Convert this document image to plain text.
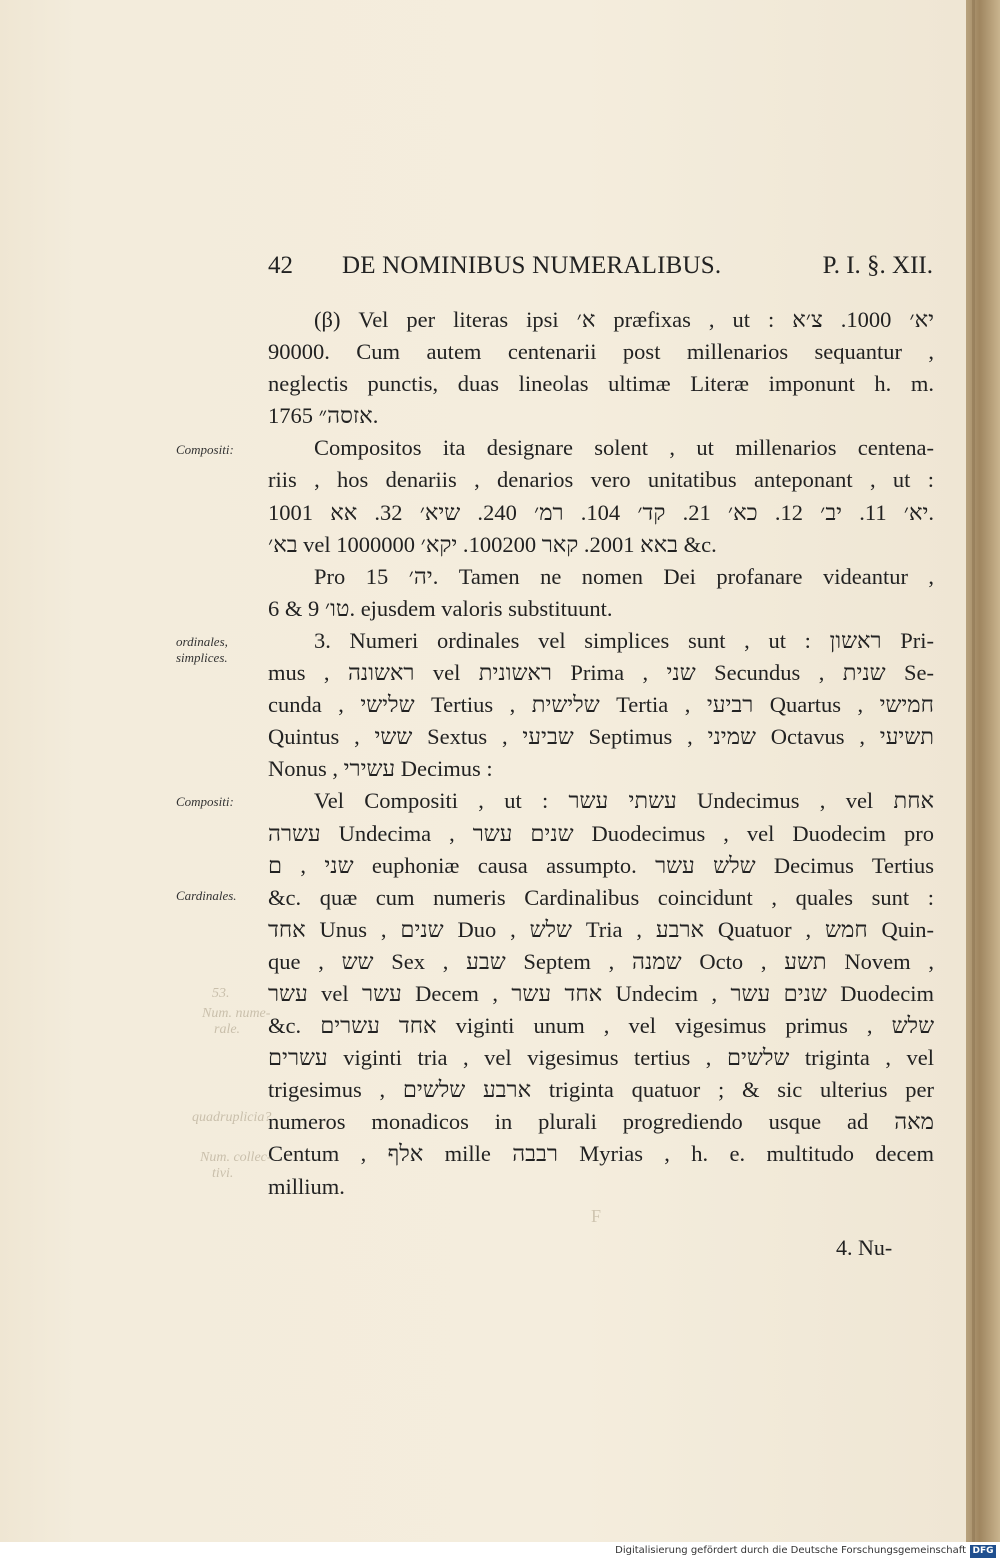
42 DE NOMINIBUS NUMERALIBUS.	P. I. §. XII.
Compositi:
ordinales,
simplices.
Compositi:
Cardinales.
53.
Num. nume-
rale.
quadruplicia?
Num. collec-
tivi.
(β) Vel per literas ipsi א׳ præfixas , ut : יא׳ 1000. צ׳א
90000. Cum autem centenarii post millenarios sequantur ,
neglectis punctis, duas lineolas ultimæ Literæ imponunt h. m.
אזסה״ 1765.
Compositos ita designare solent , ut millenarios centena-
riis , hos denariis , denarios vero unitatibus anteponant , ut :
יא׳ 11. יב׳ 12. כא׳ 21. קד׳ 104. רמ׳ 240. שיא׳ 32. אא 1001.
בא׳ vel באא 2001. קאר 100200. יקא׳ 1000000 &c.
Pro יה׳ 15. Tamen ne nomen Dei profanare videantur ,
טו׳ 9 & 6. ejusdem valoris substituunt.
3. Numeri ordinales vel simplices sunt , ut : ראשון Pri-
mus , ראשונה vel ראשונית Prima , שני Secundus , שנית Se-
cunda , שלישי Tertius , שלישית Tertia , רביעי Quartus , חמישי
Quintus , ששי Sextus , שביעי Septimus , שמיני Octavus , תשיעי
Nonus , עשירי Decimus :
Vel Compositi , ut : עשתי עשר Undecimus , vel אחת
עשרה Undecima , שנים עשר Duodecimus , vel Duodecim pro
שני , ם euphoniæ causa assumpto. שלש עשר Decimus Tertius
&c. quæ cum numeris Cardinalibus coincidunt , quales sunt :
אחד Unus , שנים Duo , שלש Tria , ארבע Quatuor , חמש Quin-
que , שש Sex , שבע Septem , שמנה Octo , תשע Novem ,
עשר vel עשר Decem , אחד עשר Undecim , שנים עשר Duodecim
&c. אחד עשרים viginti unum , vel vigesimus primus , שלש
עשרים viginti tria , vel vigesimus tertius , שלשים triginta , vel
trigesimus , ארבע שלשים triginta quatuor ; & sic ulterius per
numeros monadicos in plurali progrediendo usque ad מאה
Centum , אלף mille רבבה Myrias , h. e. multitudo decem
millium.
F
4. Nu-
Digitalisierung gefördert durch die Deutsche Forschungsgemeinschaft DFG
